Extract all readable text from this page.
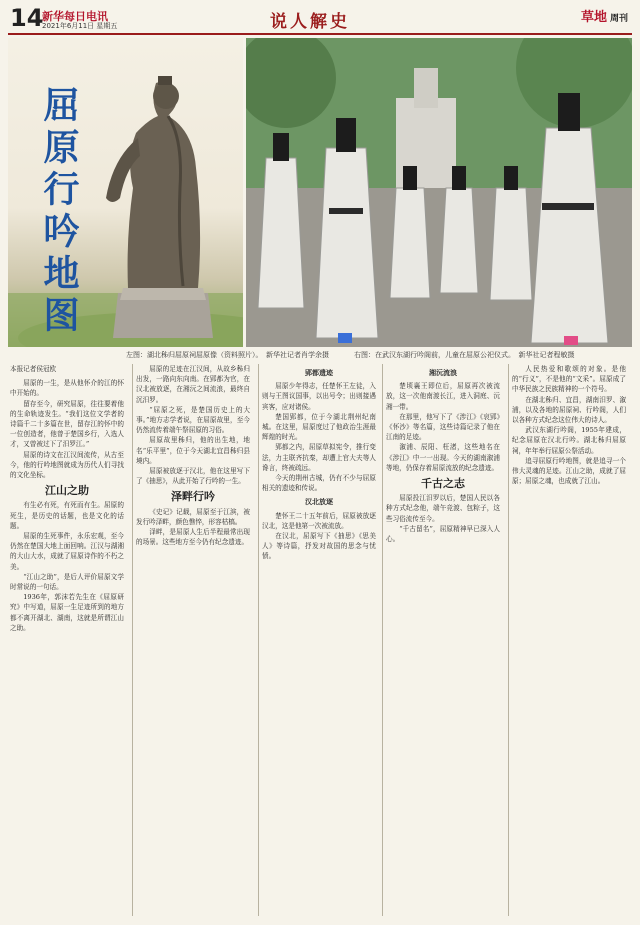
14
新华每日电讯
2021年6月11日 星期五	说人解史	草地 周刊
屈原行吟地图
左图：湖北秭归屈原祠屈原像（资料照片）。　 新华社记者肖学余摄	右图：在武汉东湖行吟阁前，儿童在屈原公祀仪式。　 新华社记者程敏摄
本报记者侯冠欧

屈原的一生，是从他怀介的江的怀中开始的。

留存至今，研究屈原，往往要着他的生命轨迹发生。“我们这位文学者的诗篇千二十多篇在世，留存江的怀中的一位创造者，他曾于楚国乡行，入选人才，又曾被过下了汨罗江。”

屈原的诗文在江汉间流传，从古至今，他的行吟地图就成为历代人们寻找的文化坐标。

江山之助

有生必有死，有死而有生。屈原的死生，是历史的话题，也是文化的话题。

屈原的生死事件，永乐宏观，至今仍然在楚国大地上面回响。江汉与湖湘的大山大水，成就了屈原诗作的不朽之美。

“江山之助”，是后人评价屈原文学时常说的一句话。

1936年，郭沫若先生在《屈原研究》中写道，屈原一生足迹所到的地方都不离开湖北、湖南，这就是所谓江山之助。

屈原的足迹在江汉间，从故乡秭归出发，一路向东向南。在郢都为官，在汉北被放逐，在湘沅之间流浪，最终自沉汨罗。

“屈原之死，是楚国历史上的大事。”地方志学者说，在屈原故里，至今仍然流传着端午祭屈原的习俗。

屈原故里秭归，他的出生地，地名“乐平里”，位于今天湖北宜昌秭归县境内。

屈原被放逐于汉北，他在这里写下了《抽思》，从此开始了行吟的一生。

泽畔行吟

《史记》记载，屈原至于江滨，被发行吟泽畔，颜色憔悴，形容枯槁。

泽畔，是屈原人生后半程最常出现的场景。这些地方至今仍有纪念遗迹。

郢都遗迹

屈原少年得志，任楚怀王左徒，入则与王图议国事，以出号令；出则接遇宾客，应对诸侯。

楚国郢都，位于今湖北荆州纪南城。在这里，屈原度过了他政治生涯最辉煌的时光。

郢都之内，屈原草拟宪令，推行变法，力主联齐抗秦，却遭上官大夫等人谗言，终被疏远。

今天的荆州古城，仍有不少与屈原相关的遗迹和传说。

汉北放逐

楚怀王二十五年前后，屈原被放逐汉北，这是他第一次被流放。

在汉北，屈原写下《抽思》《思美人》等诗篇，抒发对故国的思念与忧愤。

湘沅流浪

楚顷襄王即位后，屈原再次被流放，这一次他南渡长江，进入洞庭、沅湘一带。

在那里，他写下了《涉江》《哀郢》《怀沙》等名篇，这些诗篇记录了他在江南的足迹。

溆浦、辰阳、枉渚，这些地名在《涉江》中一一出现。今天的湖南溆浦等地，仍保存着屈原流放的纪念遗迹。

千古之志

屈原投江汨罗以后，楚国人民以各种方式纪念他，端午竞渡、包粽子，这些习俗流传至今。

“千古留名”，屈原精神早已深入人心。

人民热爱和歌颂的对象。是他的“行义”，不是他的“文采”。屈原成了中华民族之民族精神的一个符号。

在湖北秭归、宜昌，湖南汨罗、溆浦，以及各地的屈原祠、行吟阁，人们以各种方式纪念这位伟大的诗人。

武汉东湖行吟阁，1955年建成，纪念屈原在汉北行吟。湖北秭归屈原祠，年年举行屈原公祭活动。

追寻屈原行吟地图，就是追寻一个伟大灵魂的足迹。江山之助，成就了屈原；屈原之魂，也成就了江山。
